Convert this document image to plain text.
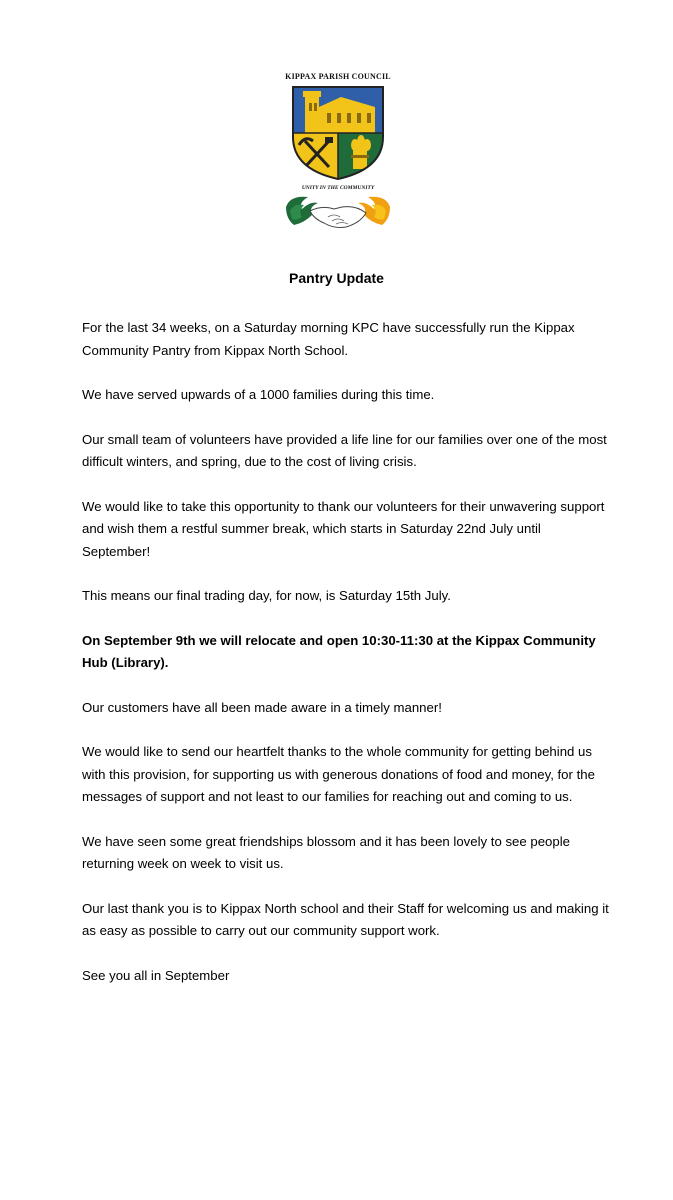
KIPPAX PARISH COUNCIL
UNITY IN THE COMMUNITY
Pantry Update

For the last 34 weeks, on a Saturday morning KPC have successfully run the Kippax Community Pantry from Kippax North School.

We have served upwards of a 1000 families during this time.

Our small team of volunteers have provided a life line for our families over one of the most difficult winters, and spring, due to the cost of living crisis.

We would like to take this opportunity to thank our volunteers for their unwavering support and wish them a restful summer break, which starts in Saturday 22nd July until September!

This means our final trading day, for now, is Saturday 15th July.

On September 9th we will relocate and open 10:30-11:30 at the Kippax Community Hub (Library).

Our customers have all been made aware in a timely manner!

We would like to send our heartfelt thanks to the whole community for getting behind us with this provision, for supporting us with generous donations of food and money, for the messages of support and not least to our families for reaching out and coming to us.

We have seen some great friendships blossom and it has been lovely to see people returning week on week to visit us.

Our last thank you is to Kippax North school and their Staff for welcoming us and making it as easy as possible to carry out our community support work.

See you all in September
